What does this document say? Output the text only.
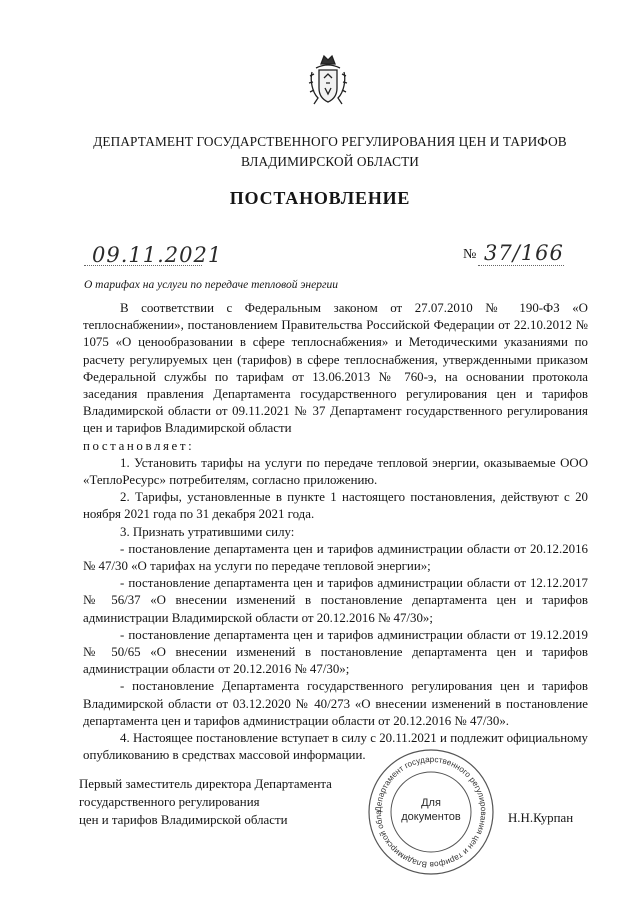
ДЕПАРТАМЕНТ ГОСУДАРСТВЕННОГО РЕГУЛИРОВАНИЯ ЦЕН И ТАРИФОВ
ВЛАДИМИРСКОЙ ОБЛАСТИ
ПОСТАНОВЛЕНИЕ
09.11.2021	№ 37/166
О тарифах на услуги по передаче тепловой энергии

В соответствии с Федеральным законом от 27.07.2010 № 190-ФЗ «О теплоснабжении», постановлением Правительства Российской Федерации от 22.10.2012 № 1075 «О ценообразовании в сфере теплоснабжения» и Методическими указаниями по расчету регулируемых цен (тарифов) в сфере теплоснабжения, утвержденными приказом Федеральной службы по тарифам от 13.06.2013 № 760-э, на основании протокола заседания правления Департамента государственного регулирования цен и тарифов Владимирской области от 09.11.2021 № 37 Департамент государственного регулирования цен и тарифов Владимирской области

постановляет:

1. Установить тарифы на услуги по передаче тепловой энергии, оказываемые ООО «ТеплоРесурс» потребителям, согласно приложению.

2. Тарифы, установленные в пункте 1 настоящего постановления, действуют с 20 ноября 2021 года по 31 декабря 2021 года.

3. Признать утратившими силу:

- постановление департамента цен и тарифов администрации области от 20.12.2016 № 47/30 «О тарифах на услуги по передаче тепловой энергии»;

- постановление департамента цен и тарифов администрации области от 12.12.2017 № 56/37 «О внесении изменений в постановление департамента цен и тарифов администрации Владимирской области от 20.12.2016 № 47/30»;

- постановление департамента цен и тарифов администрации области от 19.12.2019 № 50/65 «О внесении изменений в постановление департамента цен и тарифов администрации области от 20.12.2016 № 47/30»;

- постановление Департамента государственного регулирования цен и тарифов Владимирской области от 03.12.2020 № 40/273 «О внесении изменений в постановление департамента цен и тарифов администрации области от 20.12.2016 № 47/30».

4. Настоящее постановление вступает в силу с 20.11.2021 и подлежит официальному опубликованию в средствах массовой информации.

Первый заместитель директора Департамента
государственного регулирования
цен и тарифов Владимирской области
Департамент государственного регулирования цен и тарифов Владимирской обла
Для
документов	Н.Н.Курпан
